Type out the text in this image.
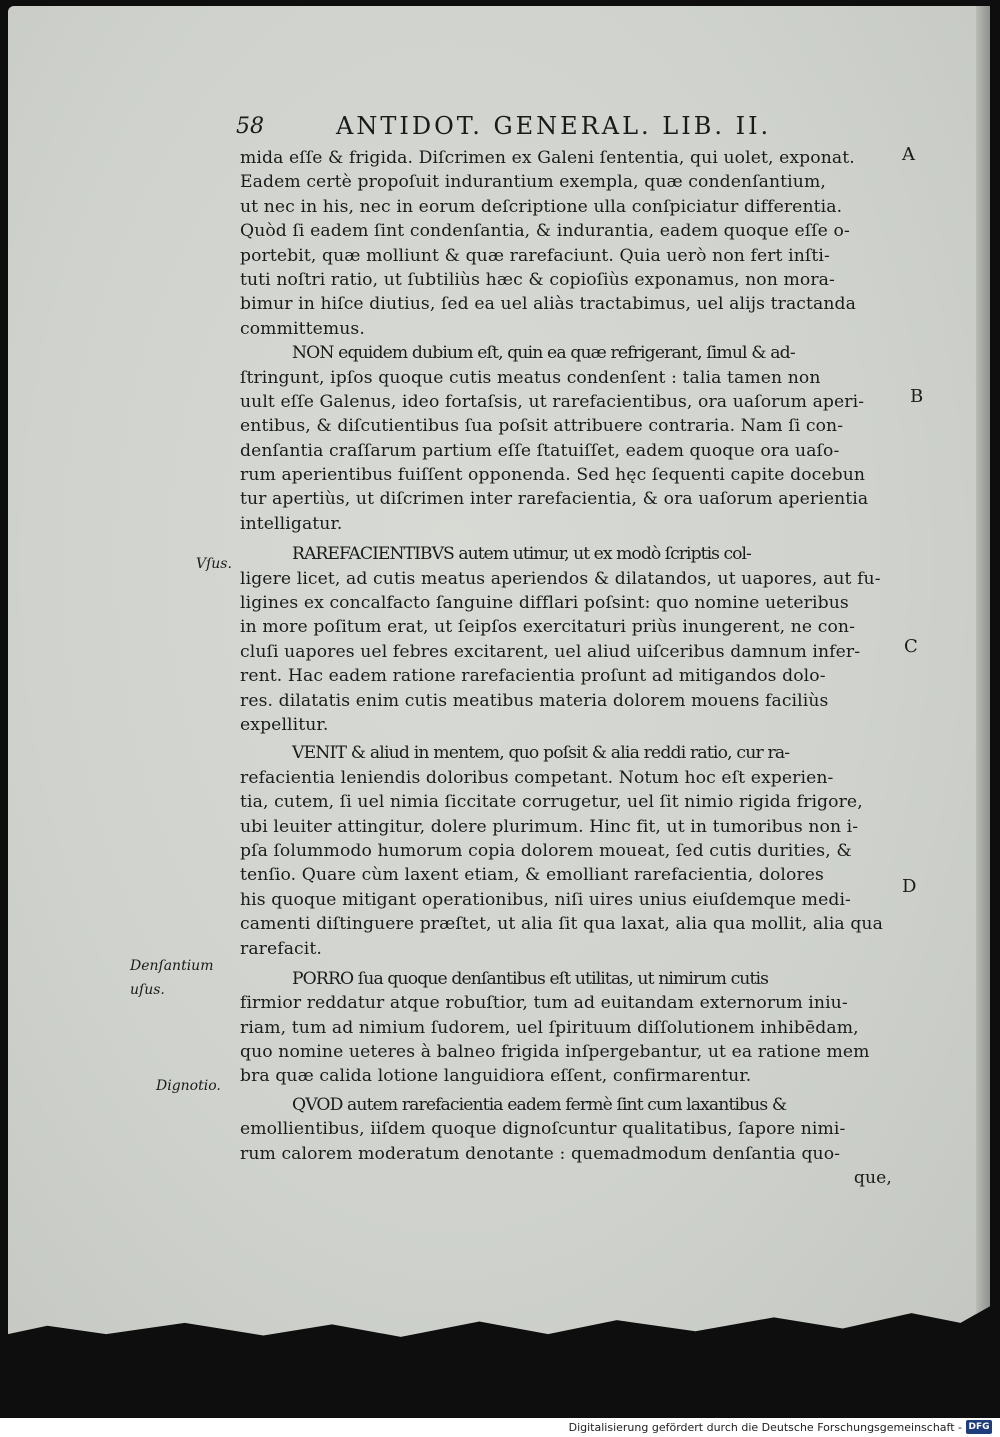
58	ANTIDOT. GENERAL. LIB. II.
mida eſſe & frigida. Diſcrimen ex Galeni ſententia, qui uolet, exponat.
Eadem certè propoſuit indurantium exempla, quæ condenſantium,
ut nec in his, nec in eorum deſcriptione ulla conſpiciatur differentia.
Quòd ſi eadem ſint condenſantia, & indurantia, eadem quoque eſſe o-
portebit, quæ molliunt & quæ rarefaciunt. Quia uerò non fert inſti-
tuti noſtri ratio, ut ſubtiliùs hæc & copioſiùs exponamus, non mora-
bimur in hiſce diutius, ſed ea uel aliàs tractabimus, uel alijs tractanda
committemus.
NON equidem dubium eſt, quin ea quæ refrigerant, ſimul & ad-
ſtringunt, ipſos quoque cutis meatus condenſent : talia tamen non
uult eſſe Galenus, ideo fortaſsis, ut rarefacientibus, ora uaſorum aperi-
entibus, & diſcutientibus ſua poſsit attribuere contraria. Nam ſi con-
denſantia craſſarum partium eſſe ſtatuiſſet, eadem quoque ora uaſo-
rum aperientibus fuiſſent opponenda. Sed hęc ſequenti capite docebun
tur apertiùs, ut diſcrimen inter rarefacientia, & ora uaſorum aperientia
intelligatur.
RAREFACIENTIBVS autem utimur, ut ex modò ſcriptis col-
ligere licet, ad cutis meatus aperiendos & dilatandos, ut uapores, aut fu-
ligines ex concalfacto ſanguine difflari poſsint: quo nomine ueteribus
in more poſitum erat, ut ſeipſos exercitaturi priùs inungerent, ne con-
cluſi uapores uel febres excitarent, uel aliud uiſceribus damnum infer-
rent. Hac eadem ratione rarefacientia proſunt ad mitigandos dolo-
res. dilatatis enim cutis meatibus materia dolorem mouens faciliùs
expellitur.
VENIT & aliud in mentem, quo poſsit & alia reddi ratio, cur ra-
refacientia leniendis doloribus competant. Notum hoc eſt experien-
tia, cutem, ſi uel nimia ſiccitate corrugetur, uel ſit nimio rigida frigore,
ubi leuiter attingitur, dolere plurimum. Hinc fit, ut in tumoribus non i-
pſa ſolummodo humorum copia dolorem moueat, ſed cutis durities, &
tenſio. Quare cùm laxent etiam, & emolliant rarefacientia, dolores
his quoque mitigant operationibus, niſi uires unius eiuſdemque medi-
camenti diſtinguere præſtet, ut alia ſit qua laxat, alia qua mollit, alia qua
rarefacit.
PORRO ſua quoque denſantibus eſt utilitas, ut nimirum cutis
firmior reddatur atque robuſtior, tum ad euitandam externorum iniu-
riam, tum ad nimium ſudorem, uel ſpirituum diſſolutionem inhibēdam,
quo nomine ueteres à balneo frigida inſpergebantur, ut ea ratione mem
bra quæ calida lotione languidiora eſſent, confirmarentur.
QVOD autem rarefacientia eadem fermè ſint cum laxantibus &
emollientibus, iiſdem quoque dignoſcuntur qualitatibus, ſapore nimi-
rum calorem moderatum denotante : quemadmodum denſantia quo-
que,
A
B
C
D
Vſus.
Denſantium
uſus.
Dignotio.
Digitalisierung gefördert durch die Deutsche Forschungsgemeinschaft - DFG
